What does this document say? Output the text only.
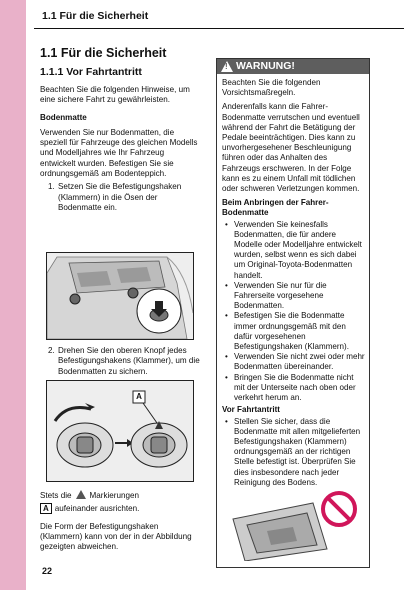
1.1 Für die Sicherheit
1.1 Für die Sicherheit
1.1.1 Vor Fahrtantritt

Beachten Sie die folgenden Hinweise, um eine sichere Fahrt zu gewährleisten.

Bodenmatte

Verwenden Sie nur Bodenmatten, die speziell für Fahrzeuge des gleichen Modells und Modelljahres wie Ihr Fahrzeug entwickelt wurden. Befestigen Sie sie ordnungsgemäß am Bodenteppich.

1. Setzen Sie die Befestigungshaken (Klammern) in die Ösen der Bodenmatte ein.
2. Drehen Sie den oberen Knopf jedes Befestigungshakens (Klammer), um die Bodenmatten zu sichern.
A

Stets die Markierungen

A aufeinander ausrichten.

Die Form der Befestigungshaken (Klammern) kann von der in der Abbildung gezeigten abweichen.

! WARNUNG!

Beachten Sie die folgenden Vorsichtsmaßregeln.

Anderenfalls kann die Fahrer-Bodenmatte verrutschen und eventuell während der Fahrt die Betätigung der Pedale beeinträchtigen. Dies kann zu unvorhergesehener Beschleunigung führen oder das Anhalten des Fahrzeugs erschweren. In der Folge kann es zu einem Unfall mit tödlichen oder schweren Verletzungen kommen.

Beim Anbringen der Fahrer-Bodenmatte

• Verwenden Sie keinesfalls Bodenmatten, die für andere Modelle oder Modelljahre entwickelt wurden, selbst wenn es sich dabei um Original-Toyota-Bodenmatten handelt.
• Verwenden Sie nur für die Fahrerseite vorgesehene Bodenmatten.
• Befestigen Sie die Bodenmatte immer ordnungsgemäß mit den dafür vorgesehenen Befestigungshaken (Klammern).
• Verwenden Sie nicht zwei oder mehr Bodenmatten übereinander.
• Bringen Sie die Bodenmatte nicht mit der Unterseite nach oben oder verkehrt herum an.

Vor Fahrtantritt

• Stellen Sie sicher, dass die Bodenmatte mit allen mitgelieferten Befestigungshaken (Klammern) ordnungsgemäß an der richtigen Stelle befestigt ist. Überprüfen Sie dies insbesondere nach jeder Reinigung des Bodens.
22
